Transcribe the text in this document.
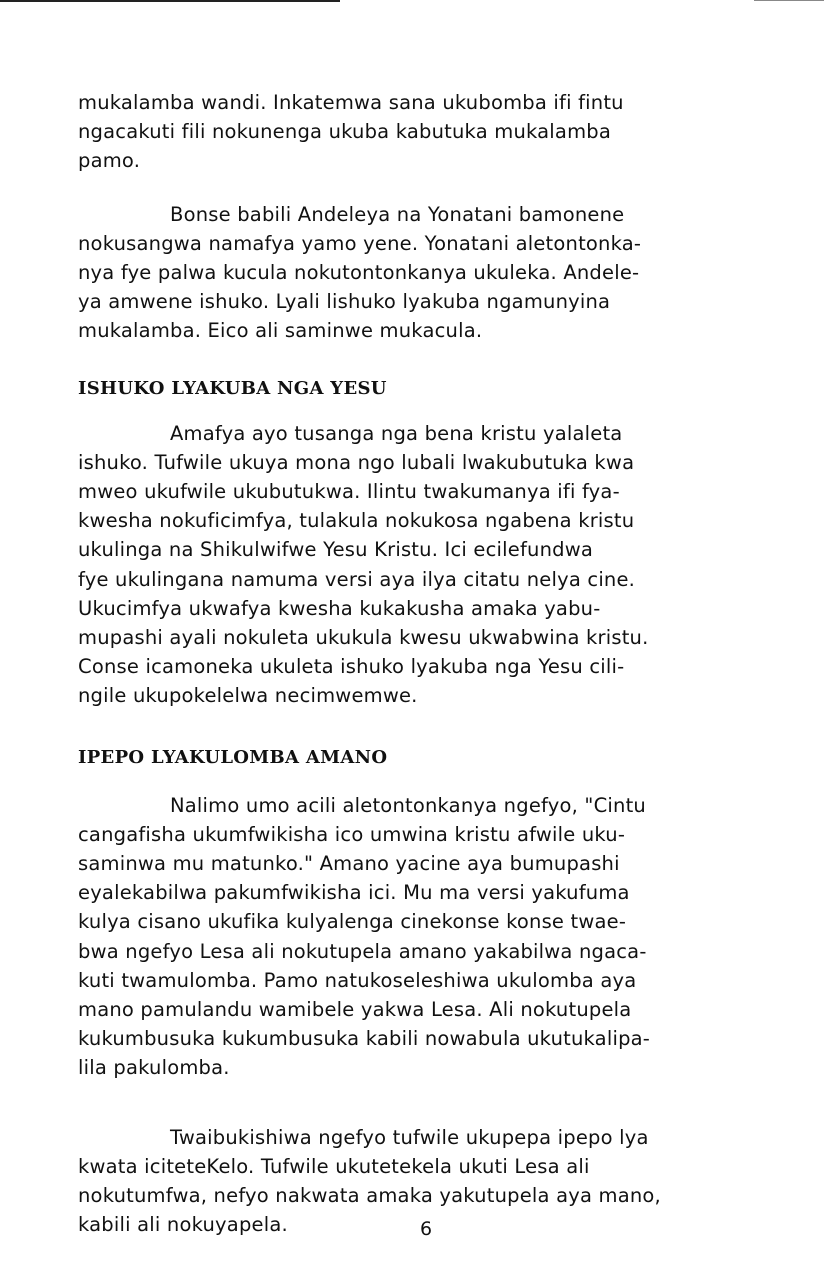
mukalamba wandi. Inkatemwa sana ukubomba ifi fintu
ngacakuti fili nokunenga ukuba kabutuka mukalamba
pamo.

Bonse babili Andeleya na Yonatani bamonene
nokusangwa namafya yamo yene. Yonatani aletontonka-
nya fye palwa kucula nokutontonkanya ukuleka. Andele-
ya amwene ishuko. Lyali lishuko lyakuba ngamunyina
mukalamba. Eico ali saminwe mukacula.

ISHUKO LYAKUBA NGA YESU

Amafya ayo tusanga nga bena kristu yalaleta
ishuko. Tufwile ukuya mona ngo lubali lwakubutuka kwa
mweo ukufwile ukubutukwa. Ilintu twakumanya ifi fya-
kwesha nokuficimfya, tulakula nokukosa ngabena kristu
ukulinga na Shikulwifwe Yesu Kristu. Ici ecilefundwa
fye ukulingana namuma versi aya ilya citatu nelya cine.
Ukucimfya ukwafya kwesha kukakusha amaka yabu-
mupashi ayali nokuleta ukukula kwesu ukwabwina kristu.
Conse icamoneka ukuleta ishuko lyakuba nga Yesu cili-
ngile ukupokelelwa necimwemwe.

IPEPO LYAKULOMBA AMANO

Nalimo umo acili aletontonkanya ngefyo, "Cintu
cangafisha ukumfwikisha ico umwina kristu afwile uku-
saminwa mu matunko." Amano yacine aya bumupashi
eyalekabilwa pakumfwikisha ici. Mu ma versi yakufuma
kulya cisano ukufika kulyalenga cinekonse konse twae-
bwa ngefyo Lesa ali nokutupela amano yakabilwa ngaca-
kuti twamulomba. Pamo natukoseleshiwa ukulomba aya
mano pamulandu wamibele yakwa Lesa. Ali nokutupela
kukumbusuka kukumbusuka kabili nowabula ukutukalipa-
lila pakulomba.

Twaibukishiwa ngefyo tufwile ukupepa ipepo lya
kwata iciteteKelo. Tufwile ukutetekela ukuti Lesa ali
nokutumfwa, nefyo nakwata amaka yakutupela aya mano,
kabili ali nokuyapela.	6
